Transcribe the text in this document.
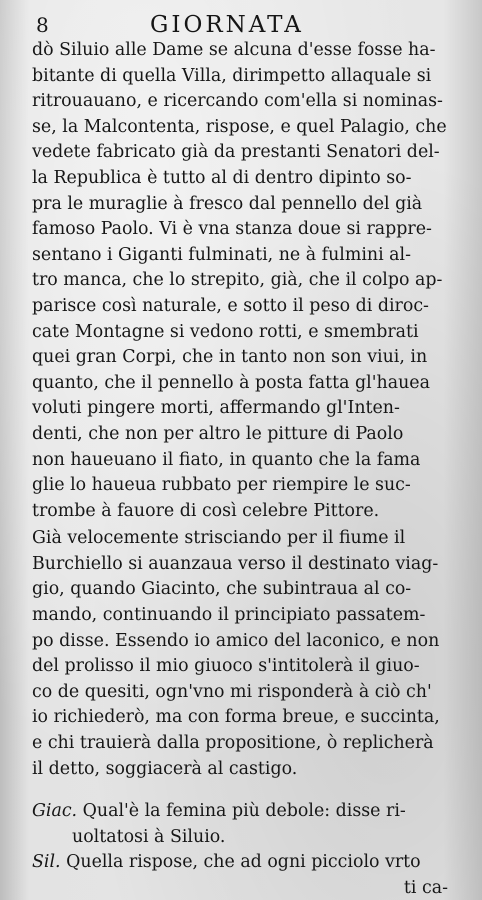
8	GIORNATA
dò Siluio alle Dame se alcuna d'esse fosse ha-
bitante di quella Villa, dirimpetto allaquale si
ritrouauano, e ricercando com'ella si nominas-
se, la Malcontenta, rispose, e quel Palagio, che
vedete fabricato già da prestanti Senatori del-
la Republica è tutto al di dentro dipinto so-
pra le muraglie à fresco dal pennello del già
famoso Paolo. Vi è vna stanza doue si rappre-
sentano i Giganti fulminati, ne à fulmini al-
tro manca, che lo strepito, già, che il colpo ap-
parisce così naturale, e sotto il peso di diroc-
cate Montagne si vedono rotti, e smembrati
quei gran Corpi, che in tanto non son viui, in
quanto, che il pennello à posta fatta gl'hauea
voluti pingere morti, affermando gl'Inten-
denti, che non per altro le pitture di Paolo
non haueuano il fiato, in quanto che la fama
glie lo haueua rubbato per riempire le suc-
trombe à fauore di così celebre Pittore.
Già velocemente strisciando per il fiume il
Burchiello si auanzaua verso il destinato viag-
gio, quando Giacinto, che subintraua al co-
mando, continuando il principiato passatem-
po disse. Essendo io amico del laconico, e non
del prolisso il mio giuoco s'intitolerà il giuo-
co de quesiti, ogn'vno mi risponderà à ciò ch'
io richiederò, ma con forma breue, e succinta,
e chi trauierà dalla propositione, ò replicherà
il detto, soggiacerà al castigo.
Giac. Qual'è la femina più debole: disse ri-
uoltatosi à Siluio.
Sil. Quella rispose, che ad ogni picciolo vrto
ti ca-
